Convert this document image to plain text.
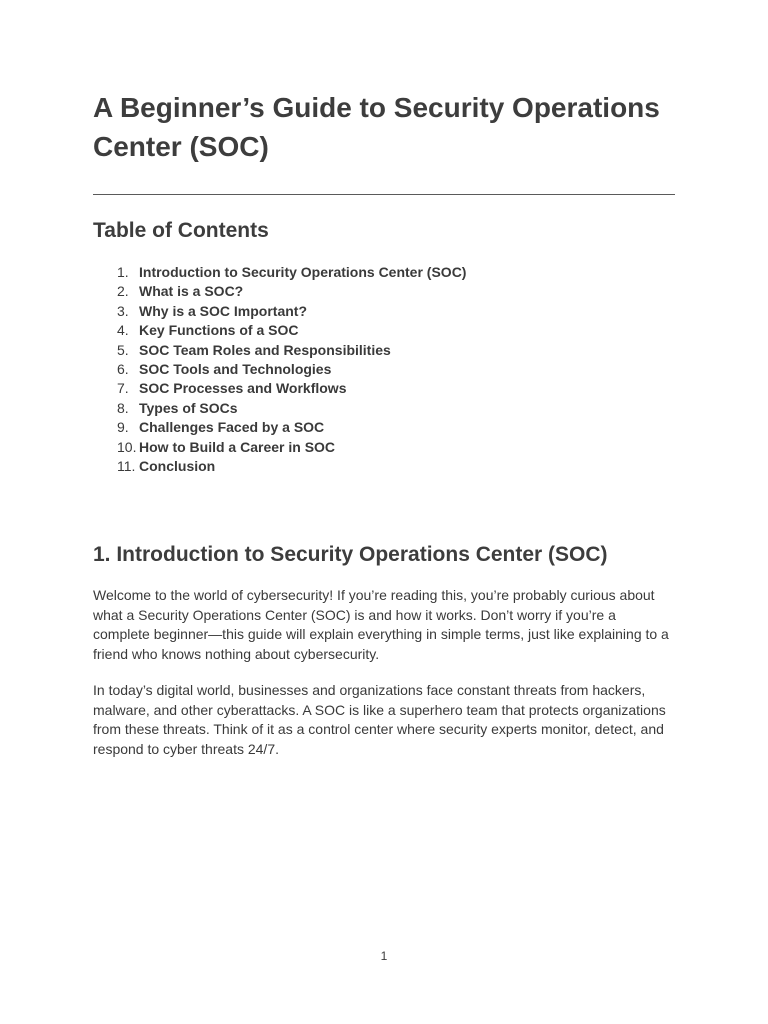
A Beginner’s Guide to Security Operations Center (SOC)
Table of Contents
1. Introduction to Security Operations Center (SOC)
2. What is a SOC?
3. Why is a SOC Important?
4. Key Functions of a SOC
5. SOC Team Roles and Responsibilities
6. SOC Tools and Technologies
7. SOC Processes and Workflows
8. Types of SOCs
9. Challenges Faced by a SOC
10. How to Build a Career in SOC
11. Conclusion
1. Introduction to Security Operations Center (SOC)

Welcome to the world of cybersecurity! If you’re reading this, you’re probably curious about what a Security Operations Center (SOC) is and how it works. Don’t worry if you’re a complete beginner—this guide will explain everything in simple terms, just like explaining to a friend who knows nothing about cybersecurity.

In today’s digital world, businesses and organizations face constant threats from hackers, malware, and other cyberattacks. A SOC is like a superhero team that protects organizations from these threats. Think of it as a control center where security experts monitor, detect, and respond to cyber threats 24/7.

1
